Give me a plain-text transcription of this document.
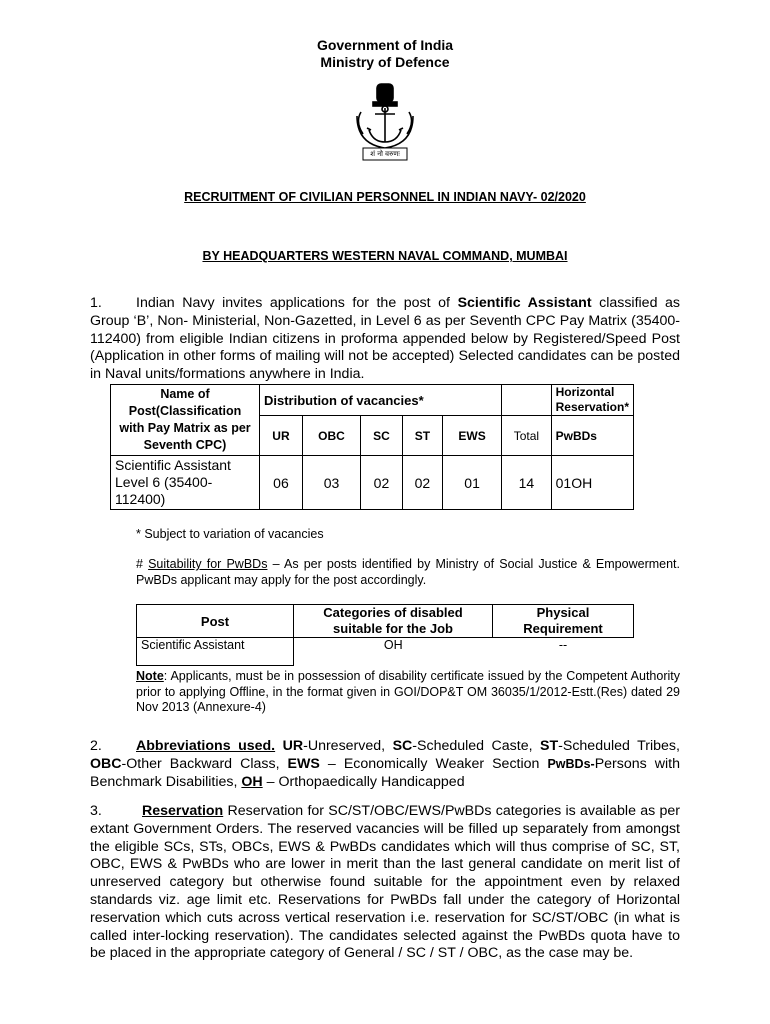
Government of India
Ministry of Defence
शं नो वरुणः
RECRUITMENT OF CIVILIAN PERSONNEL IN INDIAN NAVY- 02/2020
BY HEADQUARTERS WESTERN NAVAL COMMAND, MUMBAI
1. Indian Navy invites applications for the post of Scientific Assistant classified as Group ‘B’, Non- Ministerial, Non-Gazetted, in Level 6 as per Seventh CPC Pay Matrix (35400-112400) from eligible Indian citizens in proforma appended below by Registered/Speed Post (Application in other forms of mailing will not be accepted) Selected candidates can be posted in Naval units/formations anywhere in India.
Name of Post(Classification with Pay Matrix as per Seventh CPC)	Distribution of vacancies*						Horizontal Reservation*
	UR	OBC	SC	ST	EWS	Total	PwBDs
Scientific Assistant Level 6 (35400-112400)	06	03	02	02	01	14	01OH
* Subject to variation of vacancies
# Suitability for PwBDs – As per posts identified by Ministry of Social Justice & Empowerment. PwBDs applicant may apply for the post accordingly.
Post	Categories of disabled suitable for the Job	Physical Requirement
Scientific Assistant	OH	--
Note: Applicants, must be in possession of disability certificate issued by the Competent Authority prior to applying Offline, in the format given in GOI/DOP&T OM 36035/1/2012-Estt.(Res) dated 29 Nov 2013 (Annexure-4)
2. Abbreviations used. UR-Unreserved, SC-Scheduled Caste, ST-Scheduled Tribes, OBC-Other Backward Class, EWS – Economically Weaker Section PwBDs-Persons with Benchmark Disabilities, OH – Orthopaedically Handicapped
3.	Reservation Reservation for SC/ST/OBC/EWS/PwBDs categories is available as per extant Government Orders. The reserved vacancies will be filled up separately from amongst the eligible SCs, STs, OBCs, EWS & PwBDs candidates which will thus comprise of SC, ST, OBC, EWS & PwBDs who are lower in merit than the last general candidate on merit list of unreserved category but otherwise found suitable for the appointment even by relaxed standards viz. age limit etc. Reservations for PwBDs fall under the category of Horizontal reservation which cuts across vertical reservation i.e. reservation for SC/ST/OBC (in what is called inter-locking reservation). The candidates selected against the PwBDs quota have to be placed in the appropriate category of General / SC / ST / OBC, as the case may be.
